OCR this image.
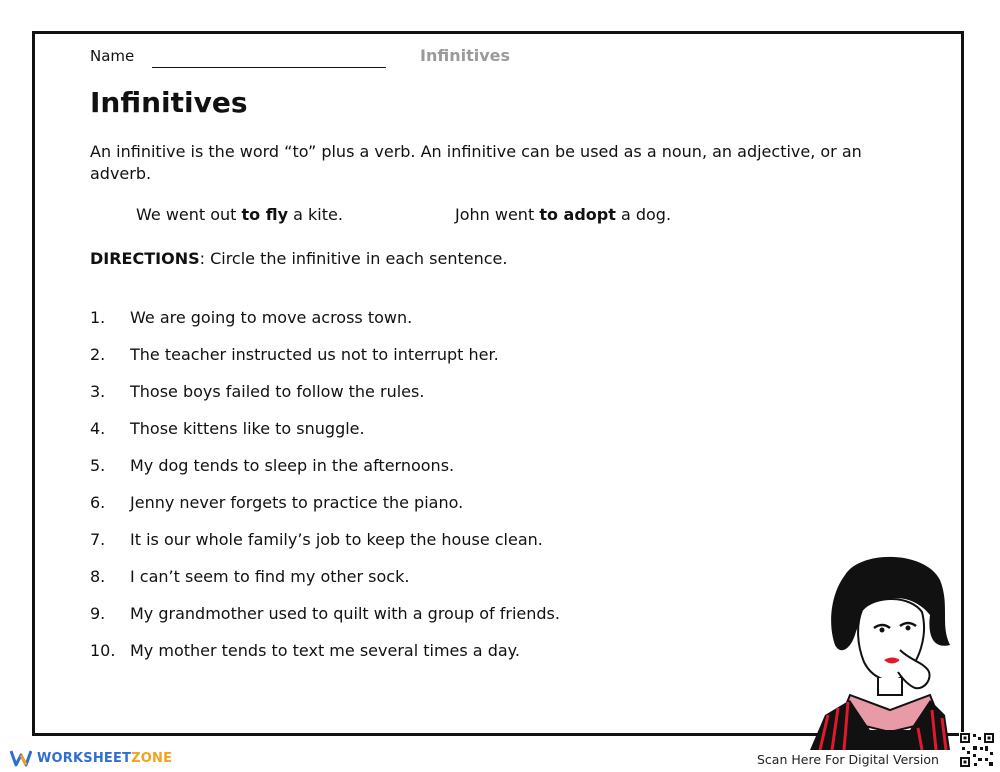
Name	Infinitives
Infinitives

An infinitive is the word “to” plus a verb. An infinitive can be used as a noun, an adjective, or an adverb.

We went out to fly a kite.	John went to adopt a dog.

DIRECTIONS: Circle the infinitive in each sentence.

1. We are going to move across town.
2. The teacher instructed us not to interrupt her.
3. Those boys failed to follow the rules.
4. Those kittens like to snuggle.
5. My dog tends to sleep in the afternoons.
6. Jenny never forgets to practice the piano.
7. It is our whole family’s job to keep the house clean.
8. I can’t seem to find my other sock.
9. My grandmother used to quilt with a group of friends.
10. My mother tends to text me several times a day.
WORKSHEETZONE	Scan Here For Digital Version
